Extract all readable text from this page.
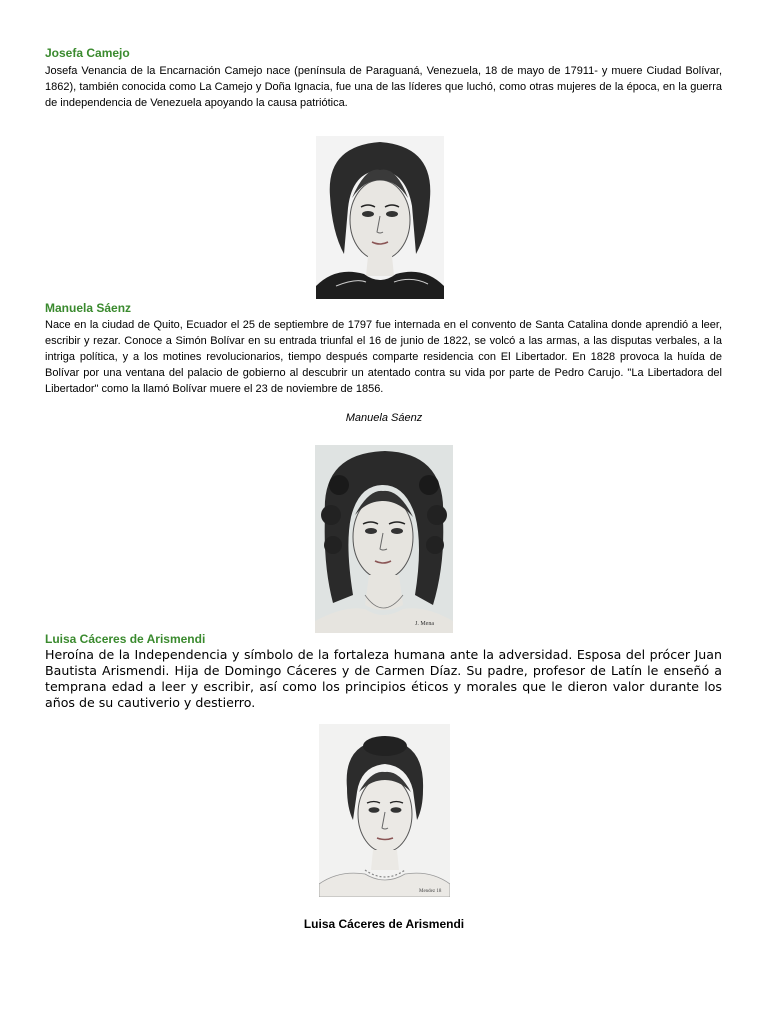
Josefa Camejo
Josefa Venancia de la Encarnación Camejo nace (península de Paraguaná, Venezuela, 18 de mayo de 17911- y muere Ciudad Bolívar, 1862), también conocida como La Camejo y Doña Ignacia, fue una de las líderes que luchó, como otras mujeres de la época, en la guerra de independencia de Venezuela apoyando la causa patriótica.
Manuela Sáenz
Nace en la ciudad de Quito, Ecuador el 25 de septiembre de 1797 fue internada en el convento de Santa Catalina donde aprendió a leer, escribir y rezar. Conoce a Simón Bolívar en su entrada triunfal el 16 de junio de 1822, se volcó a las armas, a las disputas verbales, a la intriga política, y a los motines revolucionarios, tiempo después comparte residencia con El Libertador. En 1828 provoca la huída de Bolívar por una ventana del palacio de gobierno al descubrir un atentado contra su vida por parte de Pedro Carujo. "La Libertadora del Libertador" como la llamó Bolívar muere el 23 de noviembre de 1856.
Manuela Sáenz
J. Mena
Luisa Cáceres de Arismendi
Heroína de la Independencia y símbolo de la fortaleza humana ante la adversidad. Esposa del prócer Juan Bautista Arismendi. Hija de Domingo Cáceres y de Carmen Díaz. Su padre, profesor de Latín le enseñó a temprana edad a leer y escribir, así como los principios éticos y morales que le dieron valor durante los años de su cautiverio y destierro.
Mendez 18
Luisa Cáceres de Arismendi
